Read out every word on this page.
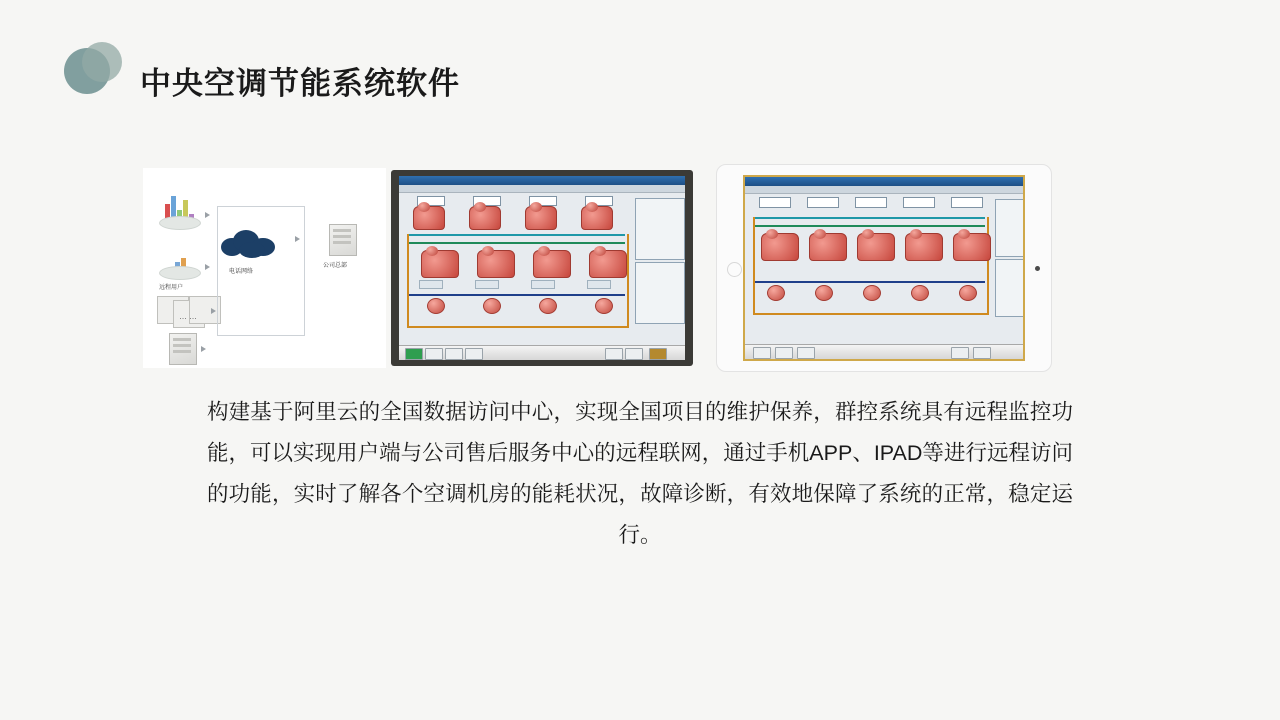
中央空调节能系统软件
电话网络
远程用户
……
公司总部
构建基于阿里云的全国数据访问中心，实现全国项目的维护保养，群控系统具有远程监控功能，可以实现用户端与公司售后服务中心的远程联网，通过手机APP、IPAD等进行远程访问的功能，实时了解各个空调机房的能耗状况，故障诊断，有效地保障了系统的正常，稳定运行。
